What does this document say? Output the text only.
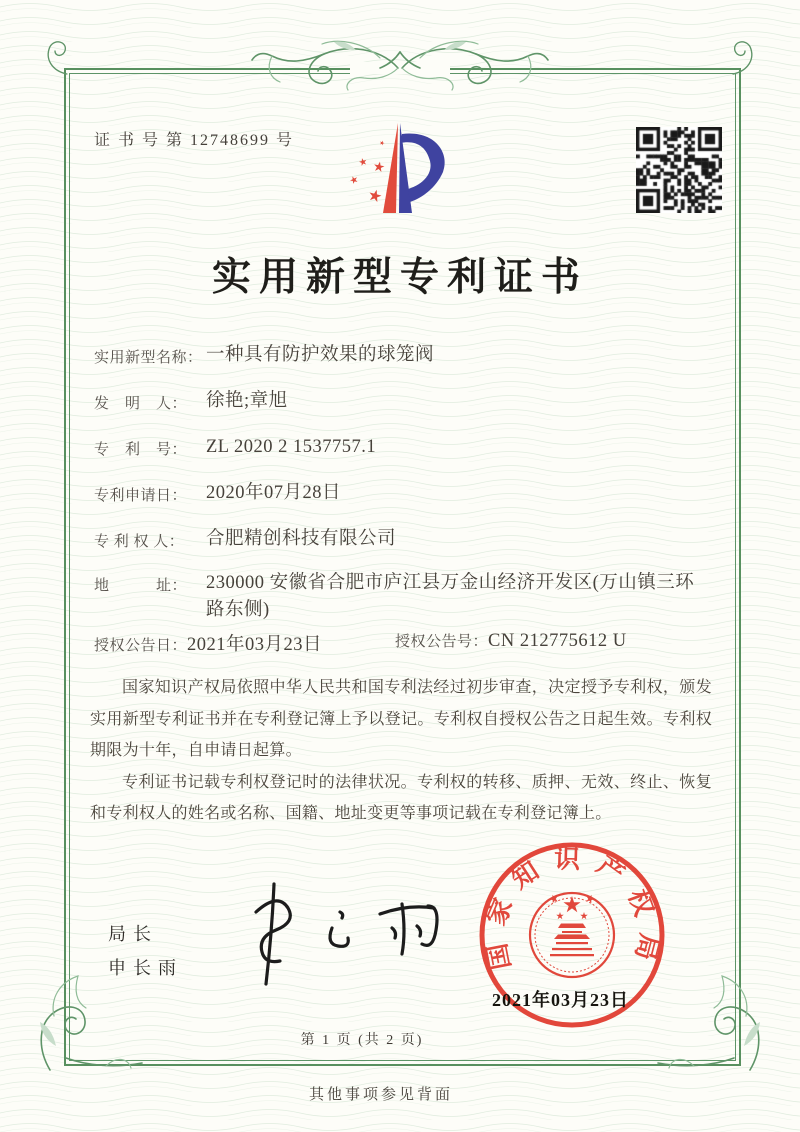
证 书 号 第 12748699 号
实用新型专利证书
实用新型名称： 一种具有防护效果的球笼阀
发　明　人：	徐艳;章旭
专　利　号：	ZL 2020 2 1537757.1
专利申请日：	2020年07月28日
专 利 权 人：	合肥精创科技有限公司
地　　　址：	230000 安徽省合肥市庐江县万金山经济开发区(万山镇三环路东侧)
授权公告日： 2021年03月23日	授权公告号： CN 212775612 U

国家知识产权局依照中华人民共和国专利法经过初步审查，决定授予专利权，颁发实用新型专利证书并在专利登记簿上予以登记。专利权自授权公告之日起生效。专利权期限为十年，自申请日起算。

专利证书记载专利权登记时的法律状况。专利权的转移、质押、无效、终止、恢复和专利权人的姓名或名称、国籍、地址变更等事项记载在专利登记簿上。

局长
申长雨	国家知识产权局
2021年03月23日
第 1 页 (共 2 页)
其他事项参见背面
